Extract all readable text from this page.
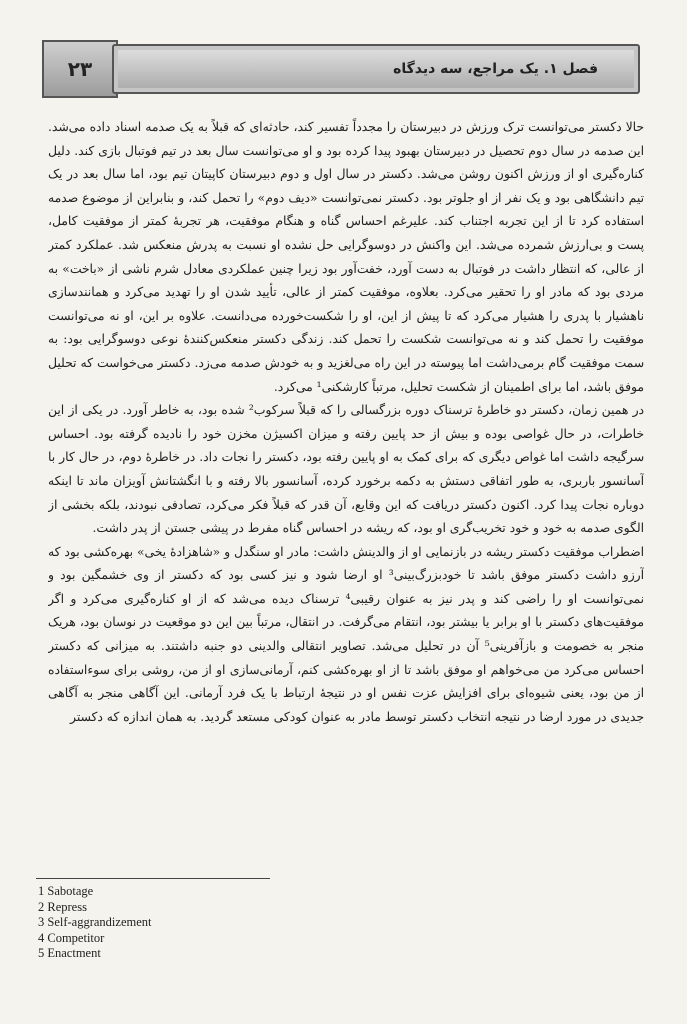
۲۳	فصل ۱. یک مراجع، سه دیدگاه

حالا دکستر می‌توانست ترک ورزش در دبیرستان را مجدداً تفسیر کند، حادثه‌ای که قبلاً به یک صدمه اسناد داده می‌شد. این صدمه در سال دوم تحصیل در دبیرستان بهبود پیدا کرده بود و او می‌توانست سال بعد در تیم فوتبال بازی کند. دلیل کناره‌گیری او از ورزش اکنون روشن می‌شد. دکستر در سال اول و دوم دبیرستان کاپیتان تیم بود، اما سال بعد در یک تیم دانشگاهی بود و یک نفر از او جلوتر بود. دکستر نمی‌توانست «دیف دوم» را تحمل کند، و بنابراین از موضوع صدمه استفاده کرد تا از این تجربه اجتناب کند. علیرغم احساس گناه و هنگام موفقیت، هر تجربهٔ کمتر از موفقیت کامل، پست و بی‌ارزش شمرده می‌شد. این واکنش در دوسوگرایی حل نشده او نسبت به پدرش منعکس شد. عملکرد کمتر از عالی، که انتظار داشت در فوتبال به دست آورد، خفت‌آور بود زیرا چنین عملکردی معادل شرم ناشی از «باخت» به مردی بود که مادر او را تحقیر می‌کرد. بعلاوه، موفقیت کمتر از عالی، تأیید شدن او را تهدید می‌کرد و همانندسازی ناهشیار با پدری را هشیار می‌کرد که تا پیش از این، او را شکست‌خورده می‌دانست. علاوه بر این، او نه می‌توانست موفقیت را تحمل کند و نه می‌توانست شکست را تحمل کند. زندگی دکستر منعکس‌کنندهٔ نوعی دوسوگرایی بود: به سمت موفقیت گام برمی‌داشت اما پیوسته در این راه می‌لغزید و به خودش صدمه می‌زد. دکستر می‌خواست که تحلیل موفق باشد، اما برای اطمینان از شکست تحلیل، مرتباً کارشکنی¹ می‌کرد.

در همین زمان، دکستر دو خاطرهٔ ترسناک دوره بزرگسالی را که قبلاً سرکوب² شده بود، به خاطر آورد. در یکی از این خاطرات، در حال غواصی بوده و بیش از حد پایین رفته و میزان اکسیژن مخزن خود را نادیده گرفته بود. احساس سرگیجه داشت اما غواص دیگری که برای کمک به او پایین رفته بود، دکستر را نجات داد. در خاطرهٔ دوم، در حال کار با آسانسور باربری، به طور اتفاقی دستش به دکمه برخورد کرده، آسانسور بالا رفته و با انگشتانش آویزان ماند تا اینکه دوباره نجات پیدا کرد. اکنون دکستر دریافت که این وقایع، آن قدر که قبلاً فکر می‌کرد، تصادفی نبودند، بلکه بخشی از الگوی صدمه به خود و خود تخریب‌گری او بود، که ریشه در احساس گناه مفرط در پیشی جستن از پدر داشت.

اضطراب موفقیت دکستر ریشه در بازنمایی او از والدینش داشت: مادر او سنگدل و «شاهزادهٔ یخی» بهره‌کشی بود که آرزو داشت دکستر موفق باشد تا خودبزرگ‌بینی³ او ارضا شود و نیز کسی بود که دکستر از وی خشمگین بود و نمی‌توانست او را راضی کند و پدر نیز به عنوان رقیبی⁴ ترسناک دیده می‌شد که از او کناره‌گیری می‌کرد و اگر موفقیت‌های دکستر با او برابر یا بیشتر بود، انتقام می‌گرفت. در انتقال، مرتباً بین این دو موقعیت در نوسان بود، هریک منجر به خصومت و بازآفرینی⁵ آن در تحلیل می‌شد. تصاویر انتقالی والدینی دو جنبه داشتند. به میزانی که دکستر احساس می‌کرد من می‌خواهم او موفق باشد تا از او بهره‌کشی کنم، آرمانی‌سازی او از من، روشی برای سوءاستفاده از من بود، یعنی شیوه‌ای برای افزایش عزت نفس او در نتیجهٔ ارتباط با یک فرد آرمانی. این آگاهی منجر به آگاهی جدیدی در مورد ارضا در نتیجه انتخاب دکستر توسط مادر به عنوان کودکی مستعد گردید. به همان اندازه که دکستر

1 Sabotage
2 Repress
3 Self-aggrandizement
4 Competitor
5 Enactment
